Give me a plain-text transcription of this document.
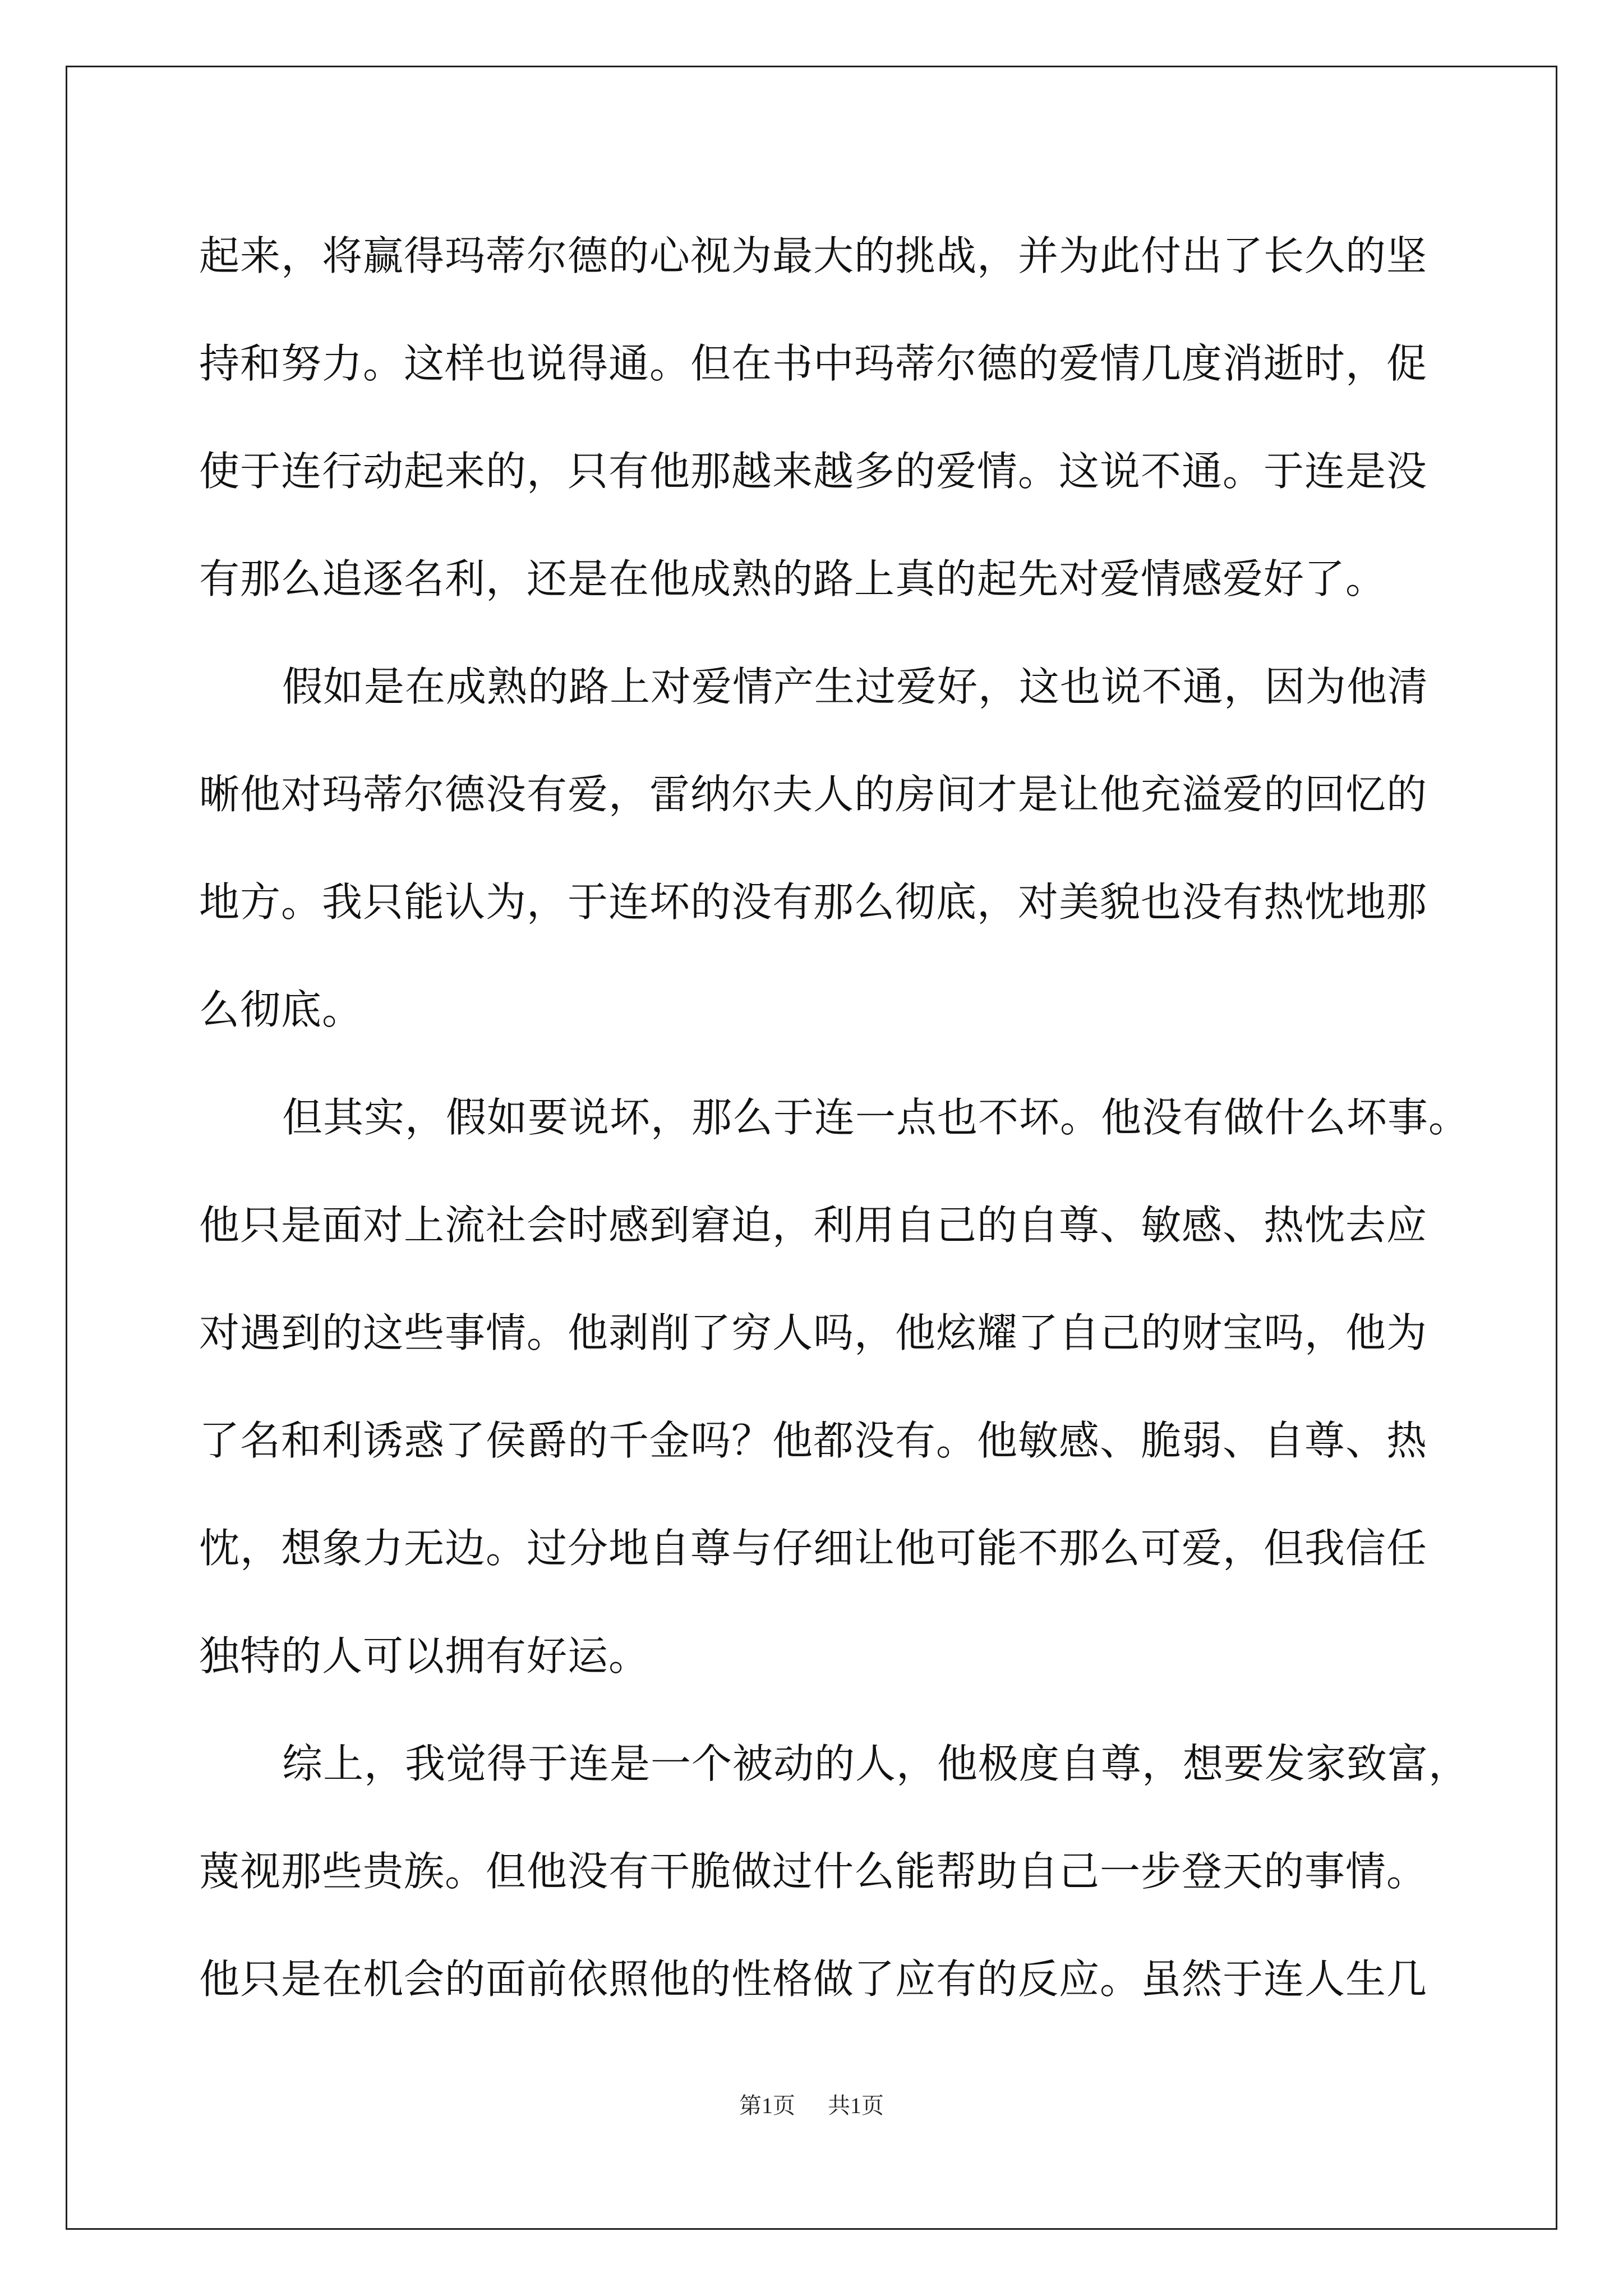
起来，将赢得玛蒂尔德的心视为最大的挑战，并为此付出了长久的坚
持和努力。这样也说得通。但在书中玛蒂尔德的爱情几度消逝时，促
使于连行动起来的，只有他那越来越多的爱情。这说不通。于连是没
有那么追逐名利，还是在他成熟的路上真的起先对爱情感爱好了。
假如是在成熟的路上对爱情产生过爱好，这也说不通，因为他清
晰他对玛蒂尔德没有爱，雷纳尔夫人的房间才是让他充溢爱的回忆的
地方。我只能认为，于连坏的没有那么彻底，对美貌也没有热忱地那
么彻底。
但其实，假如要说坏，那么于连一点也不坏。他没有做什么坏事。
他只是面对上流社会时感到窘迫，利用自己的自尊、敏感、热忱去应
对遇到的这些事情。他剥削了穷人吗，他炫耀了自己的财宝吗，他为
了名和利诱惑了侯爵的千金吗？他都没有。他敏感、脆弱、自尊、热
忱，想象力无边。过分地自尊与仔细让他可能不那么可爱，但我信任
独特的人可以拥有好运。
综上，我觉得于连是一个被动的人，他极度自尊，想要发家致富，
蔑视那些贵族。但他没有干脆做过什么能帮助自己一步登天的事情。
他只是在机会的面前依照他的性格做了应有的反应。虽然于连人生几
第1页 共1页
